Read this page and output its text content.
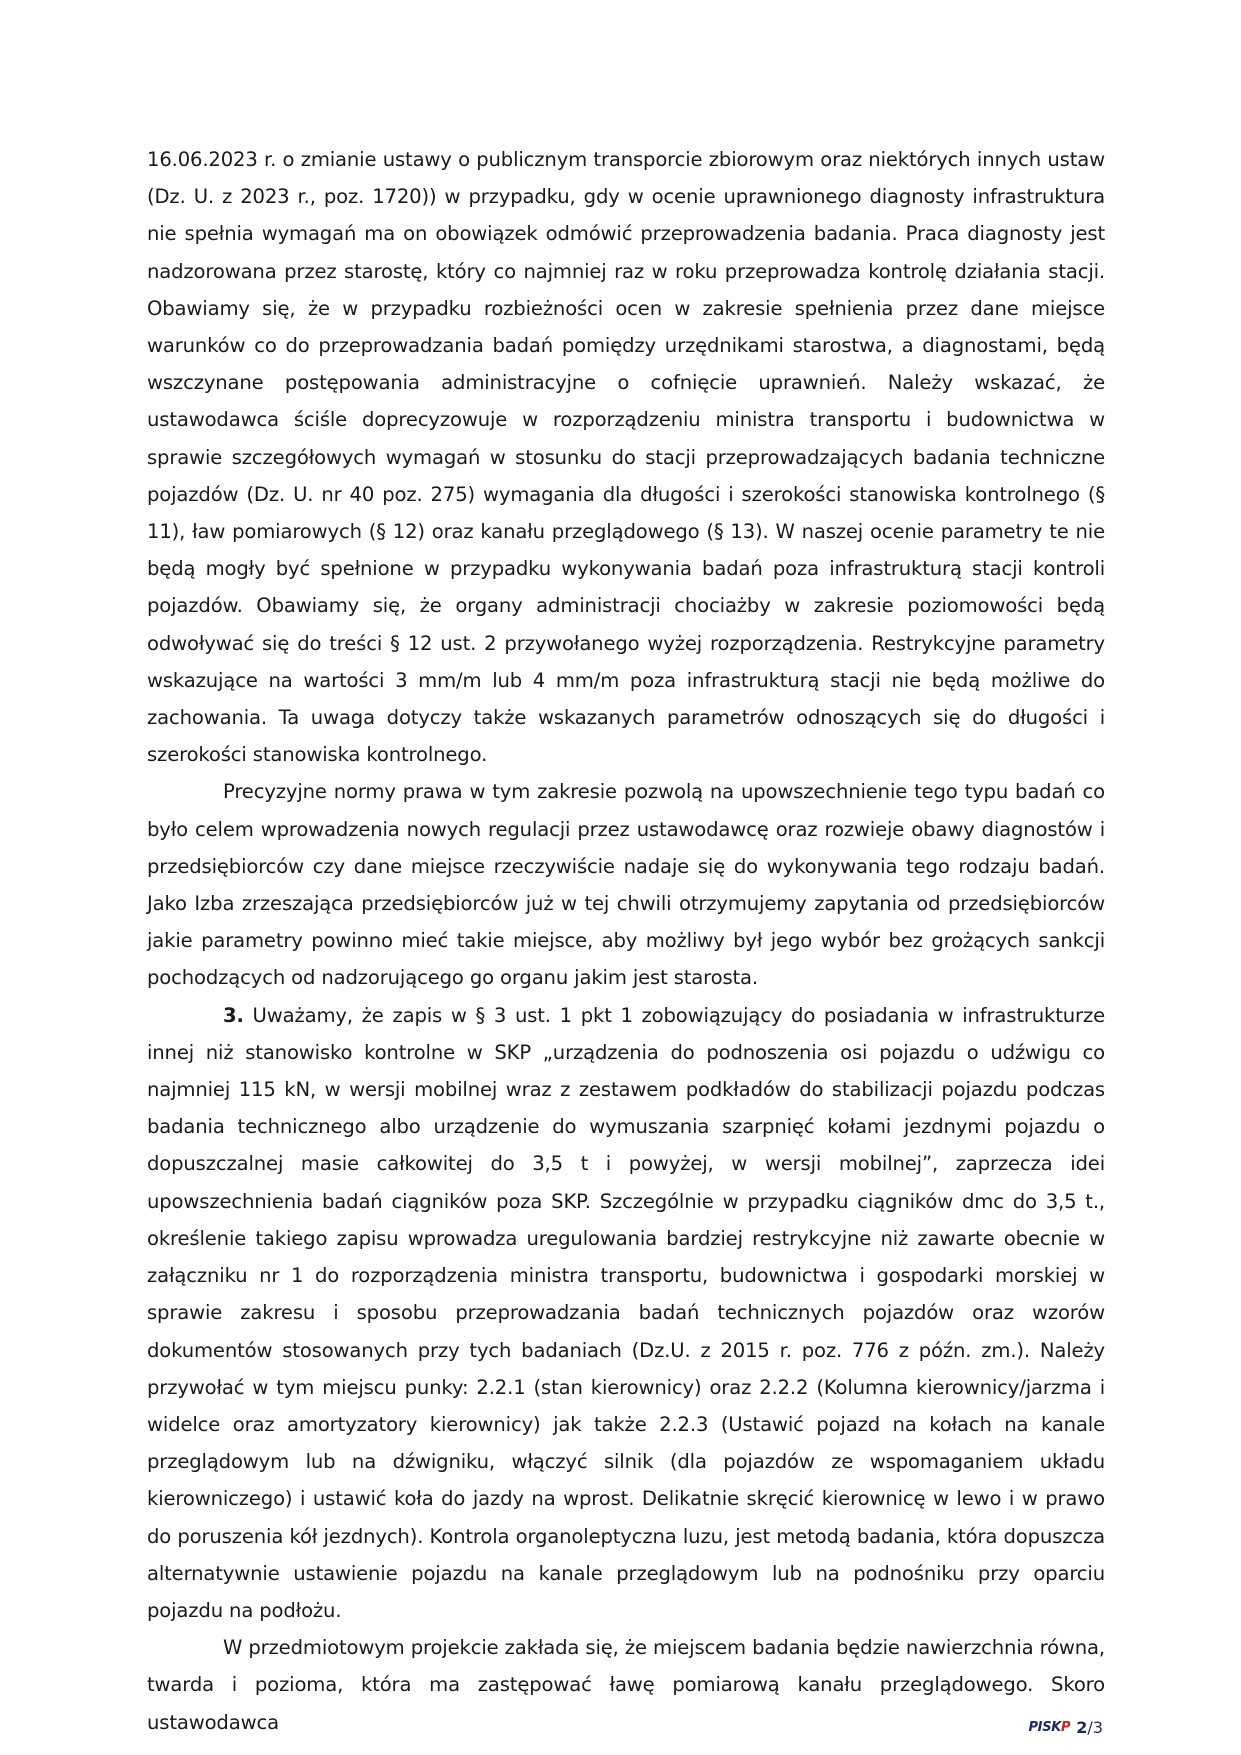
16.06.2023 r. o zmianie ustawy o publicznym transporcie zbiorowym oraz niektórych innych ustaw (Dz. U. z 2023 r., poz. 1720)) w przypadku, gdy w ocenie uprawnionego diagnosty infrastruktura nie spełnia wymagań ma on obowiązek odmówić przeprowadzenia badania. Praca diagnosty jest nadzorowana przez starostę, który co najmniej raz w roku przeprowadza kontrolę działania stacji. Obawiamy się, że w przypadku rozbieżności ocen w zakresie spełnienia przez dane miejsce warunków co do przeprowadzania badań pomiędzy urzędnikami starostwa, a diagnostami, będą wszczynane postępowania administracyjne o cofnięcie uprawnień. Należy wskazać, że ustawodawca ściśle doprecyzowuje w rozporządzeniu ministra transportu i budownictwa w sprawie szczegółowych wymagań w stosunku do stacji przeprowadzających badania techniczne pojazdów (Dz. U. nr 40 poz. 275) wymagania dla długości i szerokości stanowiska kontrolnego (§ 11), ław pomiarowych (§ 12) oraz kanału przeglądowego (§ 13). W naszej ocenie parametry te nie będą mogły być spełnione w przypadku wykonywania badań poza infrastrukturą stacji kontroli pojazdów. Obawiamy się, że organy administracji chociażby w zakresie poziomowości będą odwoływać się do treści § 12 ust. 2 przywołanego wyżej rozporządzenia. Restrykcyjne parametry wskazujące na wartości 3 mm/m lub 4 mm/m poza infrastrukturą stacji nie będą możliwe do zachowania. Ta uwaga dotyczy także wskazanych parametrów odnoszących się do długości i szerokości stanowiska kontrolnego.

Precyzyjne normy prawa w tym zakresie pozwolą na upowszechnienie tego typu badań co było celem wprowadzenia nowych regulacji przez ustawodawcę oraz rozwieje obawy diagnostów i przedsiębiorców czy dane miejsce rzeczywiście nadaje się do wykonywania tego rodzaju badań. Jako Izba zrzeszająca przedsiębiorców już w tej chwili otrzymujemy zapytania od przedsiębiorców jakie parametry powinno mieć takie miejsce, aby możliwy był jego wybór bez grożących sankcji pochodzących od nadzorującego go organu jakim jest starosta.

3. Uważamy, że zapis w § 3 ust. 1 pkt 1 zobowiązujący do posiadania w infrastrukturze innej niż stanowisko kontrolne w SKP „urządzenia do podnoszenia osi pojazdu o udźwigu co najmniej 115 kN, w wersji mobilnej wraz z zestawem podkładów do stabilizacji pojazdu podczas badania technicznego albo urządzenie do wymuszania szarpnięć kołami jezdnymi pojazdu o dopuszczalnej masie całkowitej do 3,5 t i powyżej, w wersji mobilnej”, zaprzecza idei upowszechnienia badań ciągników poza SKP. Szczególnie w przypadku ciągników dmc do 3,5 t., określenie takiego zapisu wprowadza uregulowania bardziej restrykcyjne niż zawarte obecnie w załączniku nr 1 do rozporządzenia ministra transportu, budownictwa i gospodarki morskiej w sprawie zakresu i sposobu przeprowadzania badań technicznych pojazdów oraz wzorów dokumentów stosowanych przy tych badaniach (Dz.U. z 2015 r. poz. 776 z późn. zm.). Należy przywołać w tym miejscu punky: 2.2.1 (stan kierownicy) oraz 2.2.2 (Kolumna kierownicy/jarzma i widelce oraz amortyzatory kierownicy) jak także 2.2.3 (Ustawić pojazd na kołach na kanale przeglądowym lub na dźwigniku, włączyć silnik (dla pojazdów ze wspomaganiem układu kierowniczego) i ustawić koła do jazdy na wprost. Delikatnie skręcić kierownicę w lewo i w prawo do poruszenia kół jezdnych). Kontrola organoleptyczna luzu, jest metodą badania, która dopuszcza alternatywnie ustawienie pojazdu na kanale przeglądowym lub na podnośniku przy oparciu pojazdu na podłożu.

W przedmiotowym projekcie zakłada się, że miejscem badania będzie nawierzchnia równa, twarda i pozioma, która ma zastępować ławę pomiarową kanału przeglądowego. Skoro ustawodawca	PISKP 2/3
